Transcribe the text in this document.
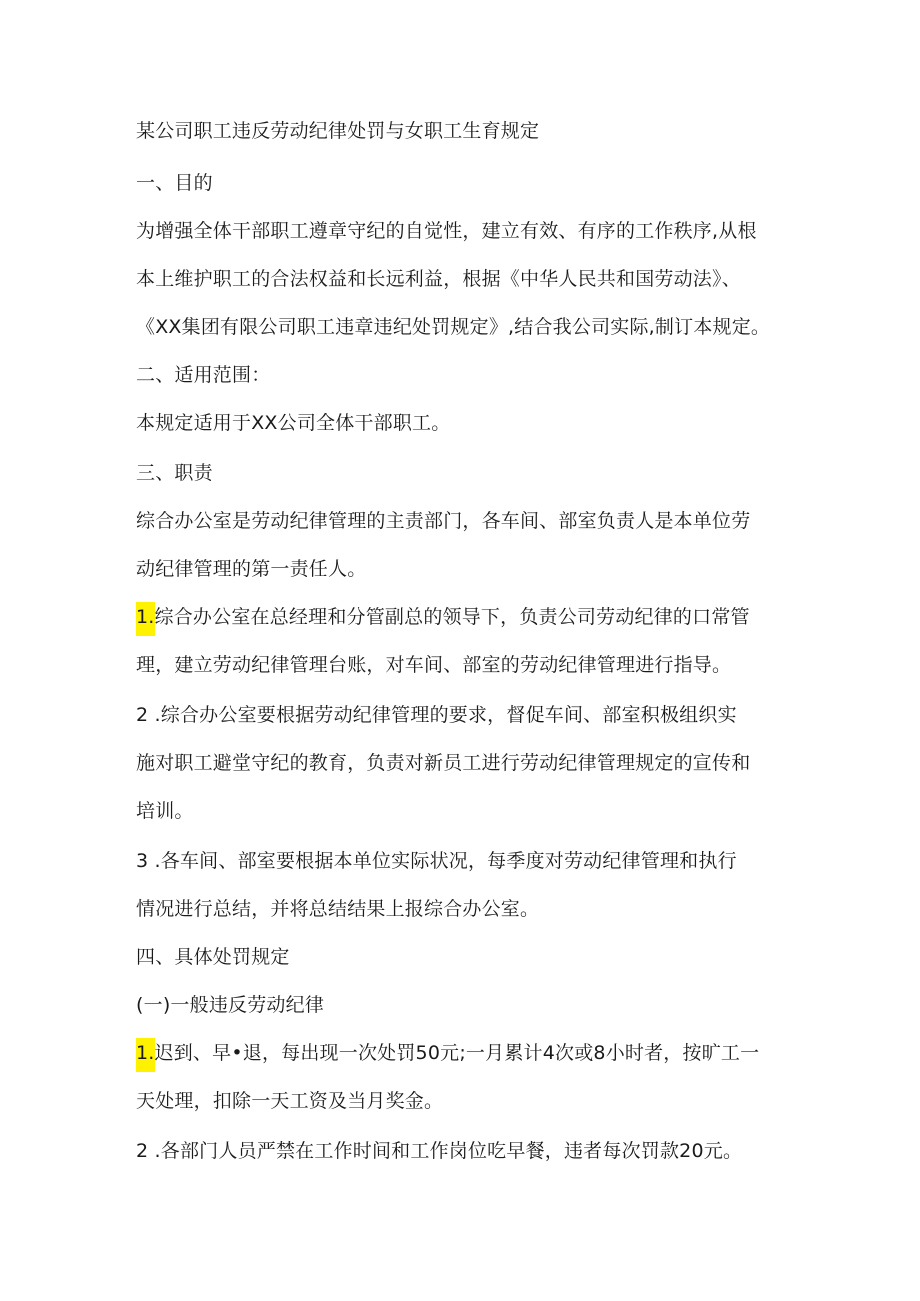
某公司职工违反劳动纪律处罚与女职工生育规定
一、目的
为增强全体干部职工遵章守纪的自觉性，建立有效、有序的工作秩序,从根
本上维护职工的合法权益和长远利益，根据《中华人民共和国劳动法》、
《XX集团有限公司职工违章违纪处罚规定》,结合我公司实际,制订本规定。
二、适用范围：
本规定适用于XX公司全体干部职工。
三、职责
综合办公室是劳动纪律管理的主责部门，各车间、部室负责人是本单位劳
动纪律管理的第一责任人。
1.综合办公室在总经理和分管副总的领导下，负责公司劳动纪律的口常管
理，建立劳动纪律管理台账，对车间、部室的劳动纪律管理进行指导。
2 .综合办公室要根据劳动纪律管理的要求，督促车间、部室积极组织实
施对职工避堂守纪的教育，负责对新员工进行劳动纪律管理规定的宣传和
培训。
3 .各车间、部室要根据本单位实际状况，每季度对劳动纪律管理和执行
情况进行总结，并将总结结果上报综合办公室。
四、具体处罚规定
(一)一般违反劳动纪律
1.迟到、早•退，每出现一次处罚50元;一月累计4次或8小时者，按旷工一
天处理，扣除一天工资及当月奖金。
2 .各部门人员严禁在工作时间和工作岗位吃早餐，违者每次罚款20元。
